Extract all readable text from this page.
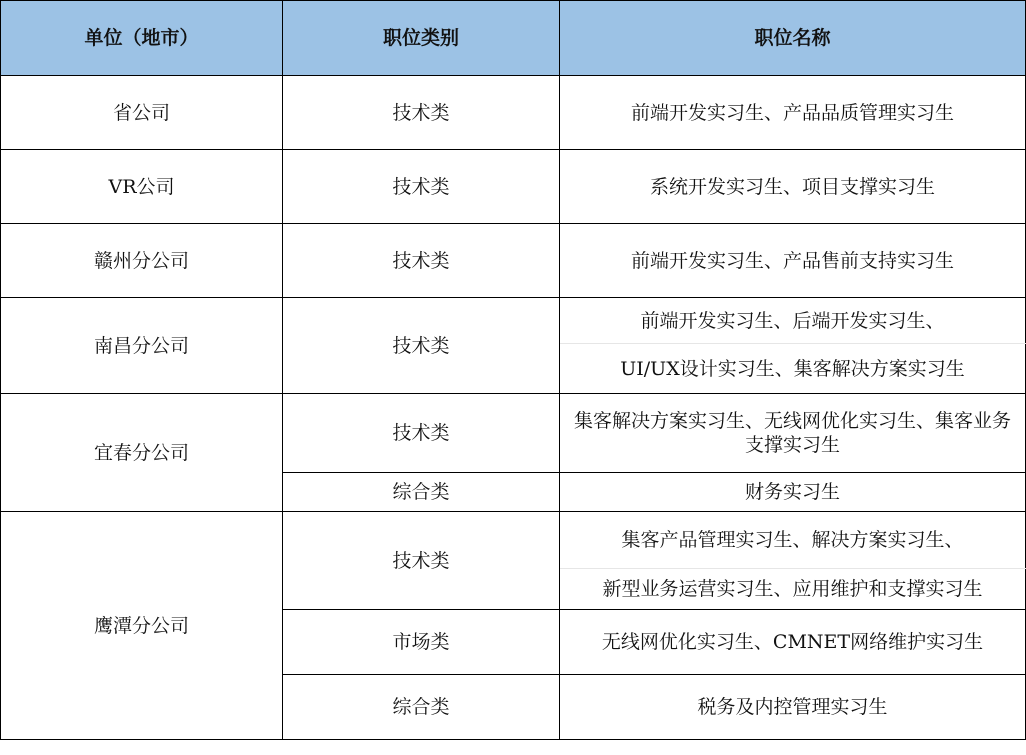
单位（地市）	职位类别	职位名称
省公司	技术类	前端开发实习生、产品品质管理实习生
VR公司	技术类	系统开发实习生、项目支撑实习生
赣州分公司	技术类	前端开发实习生、产品售前支持实习生
南昌分公司	技术类	前端开发实习生、后端开发实习生、
		UI/UX设计实习生、集客解决方案实习生
宜春分公司	技术类	集客解决方案实习生、无线网优化实习生、集客业务支撑实习生
	综合类	财务实习生
鹰潭分公司	技术类	集客产品管理实习生、解决方案实习生、
		新型业务运营实习生、应用维护和支撑实习生
	市场类	无线网优化实习生、CMNET网络维护实习生
	综合类	税务及内控管理实习生
